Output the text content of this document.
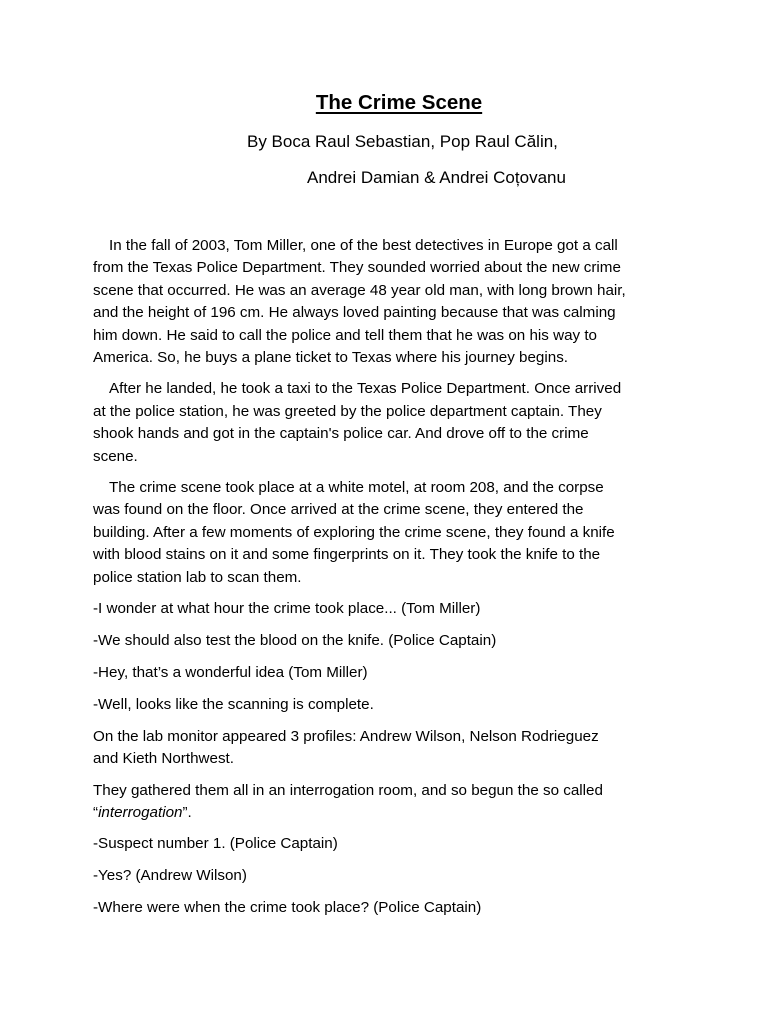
The Crime Scene

By Boca Raul Sebastian, Pop Raul Călin,

Andrei Damian & Andrei Coțovanu

In the fall of 2003, Tom Miller, one of the best detectives in Europe got a call
from the Texas Police Department. They sounded worried about the new crime
scene that occurred. He was an average 48 year old man, with long brown hair,
and the height of 196 cm. He always loved painting because that was calming
him down. He said to call the police and tell them that he was on his way to
America. So, he buys a plane ticket to Texas where his journey begins.

After he landed, he took a taxi to the Texas Police Department. Once arrived
at the police station, he was greeted by the police department captain. They
shook hands and got in the captain's police car. And drove off to the crime
scene.

The crime scene took place at a white motel, at room 208, and the corpse
was found on the floor. Once arrived at the crime scene, they entered the
building. After a few moments of exploring the crime scene, they found a knife
with blood stains on it and some fingerprints on it. They took the knife to the
police station lab to scan them.

-I wonder at what hour the crime took place... (Tom Miller)

-We should also test the blood on the knife. (Police Captain)

-Hey, that’s a wonderful idea (Tom Miller)

-Well, looks like the scanning is complete.

On the lab monitor appeared 3 profiles: Andrew Wilson, Nelson Rodrieguez
and Kieth Northwest.

They gathered them all in an interrogation room, and so begun the so called
“interrogation”.

-Suspect number 1. (Police Captain)

-Yes? (Andrew Wilson)

-Where were when the crime took place? (Police Captain)
